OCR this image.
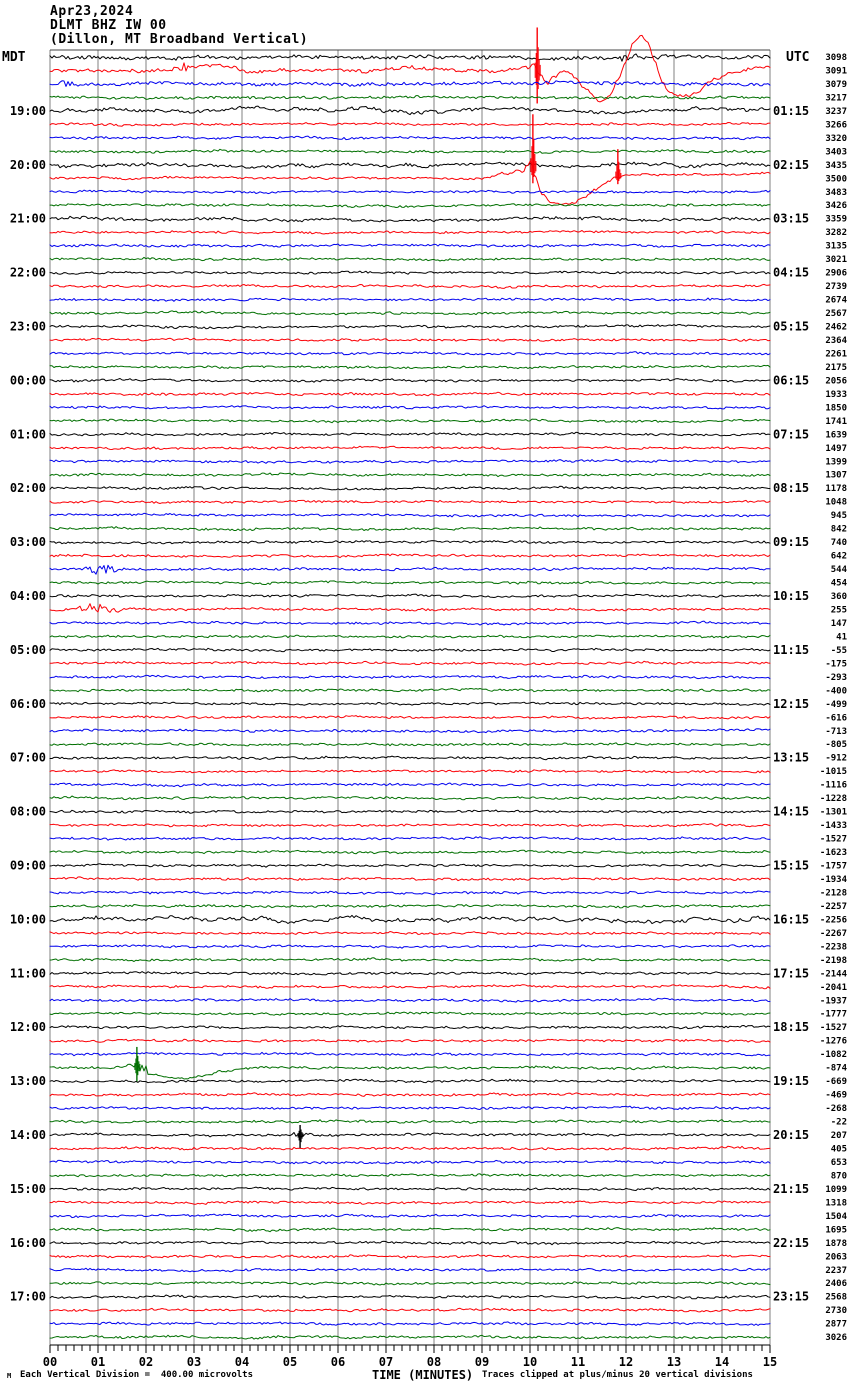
00	01	02	03	04	05	06	07	08	09	10	11	12	13	14	15
19:00
20:00
21:00
22:00
23:00
00:00
01:00
02:00
03:00
04:00
05:00
06:00
07:00
08:00
09:00
10:00
11:00
12:00
13:00
14:00
15:00
16:00
17:00
01:15
02:15
03:15
04:15
05:15
06:15
07:15
08:15
09:15
10:15
11:15
12:15
13:15
14:15
15:15
16:15
17:15
18:15
19:15
20:15
21:15
22:15
23:15
3098
3091
3079
3217
3237
3266
3320
3403
3435
3500
3483
3426
3359
3282
3135
3021
2906
2739
2674
2567
2462
2364
2261
2175
2056
1933
1850
1741
1639
1497
1399
1307
1178
1048
945
842
740
642
544
454
360
255
147
41
-55
-175
-293
-400
-499
-616
-713
-805
-912
-1015
-1116
-1228
-1301
-1433
-1527
-1623
-1757
-1934
-2128
-2257
-2256
-2267
-2238
-2198
-2144
-2041
-1937
-1777
-1527
-1276
-1082
-874
-669
-469
-268
-22
207
405
653
870
1099
1318
1504
1695
1878
2063
2237
2406
2568
2730
2877
3026
Apr23,2024
DLMT BHZ IW 00
(Dillon, MT Broadband Vertical)
MDT	UTC
M Each Vertical Division =  400.00 microvolts	TIME (MINUTES) Traces clipped at plus/minus 20 vertical divisions
